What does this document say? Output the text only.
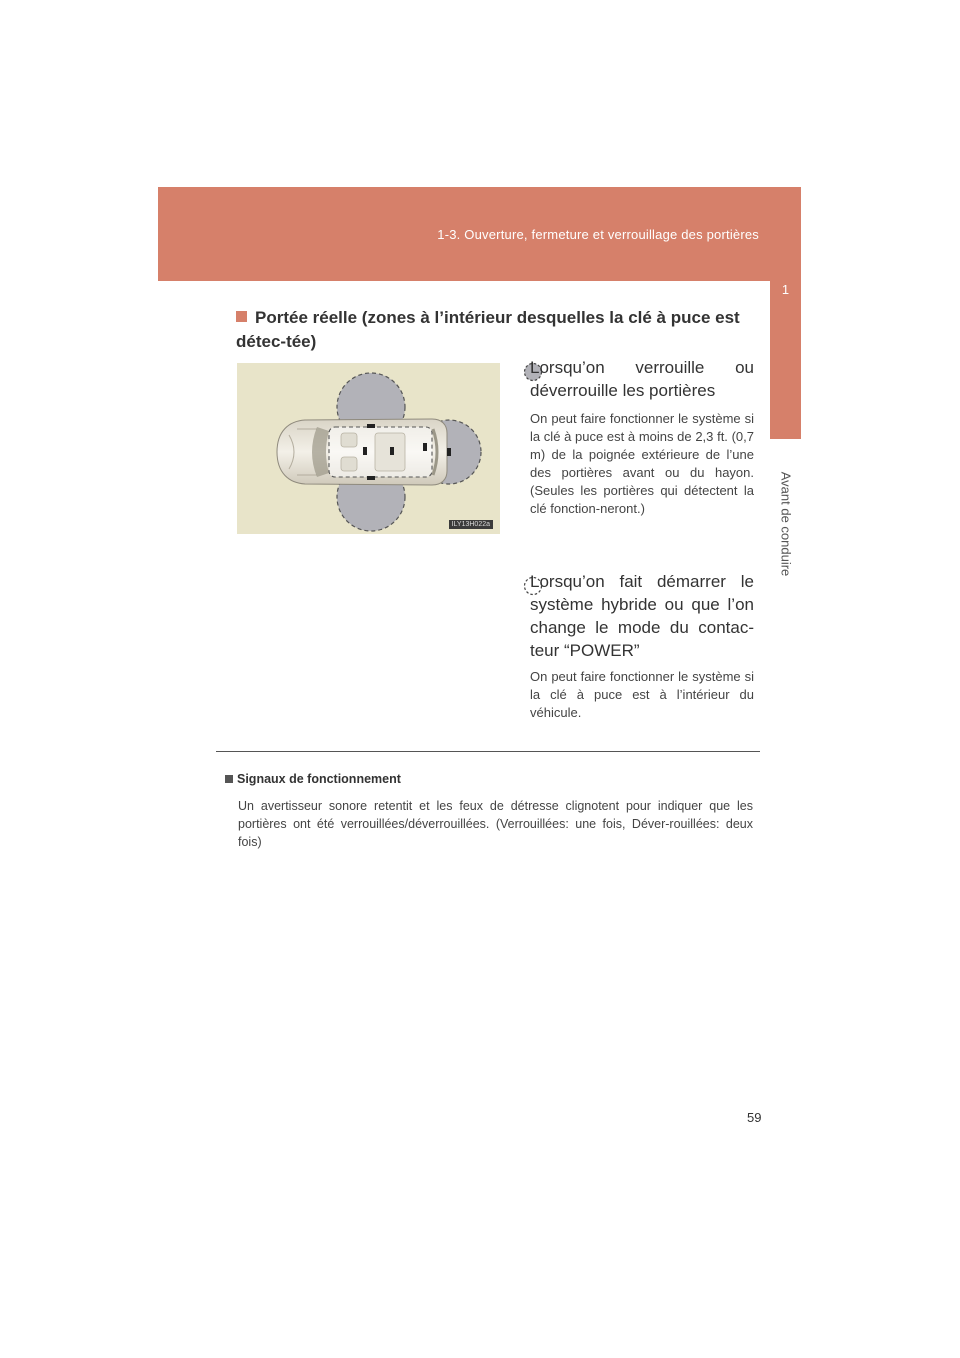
1-3. Ouverture, fermeture et verrouillage des portières
1
Avant de conduire
Portée réelle (zones à l’intérieur desquelles la clé à puce est détec-tée)
ILY13H022a
Lorsqu’on verrouille ou déverrouille les portières
On peut faire fonctionner le système si la clé à puce est à moins de 2,3 ft. (0,7 m) de la poignée extérieure de l’une des portières avant ou du hayon. (Seules les portières qui détectent la clé fonction-neront.)
Lorsqu’on fait démarrer le système hybride ou que l’on change le mode du contac-teur “POWER”
On peut faire fonctionner le système si la clé à puce est à l’intérieur du véhicule.
Signaux de fonctionnement
Un avertisseur sonore retentit et les feux de détresse clignotent pour indiquer que les portières ont été verrouillées/déverrouillées. (Verrouillées: une fois, Déver-rouillées: deux fois)
59
